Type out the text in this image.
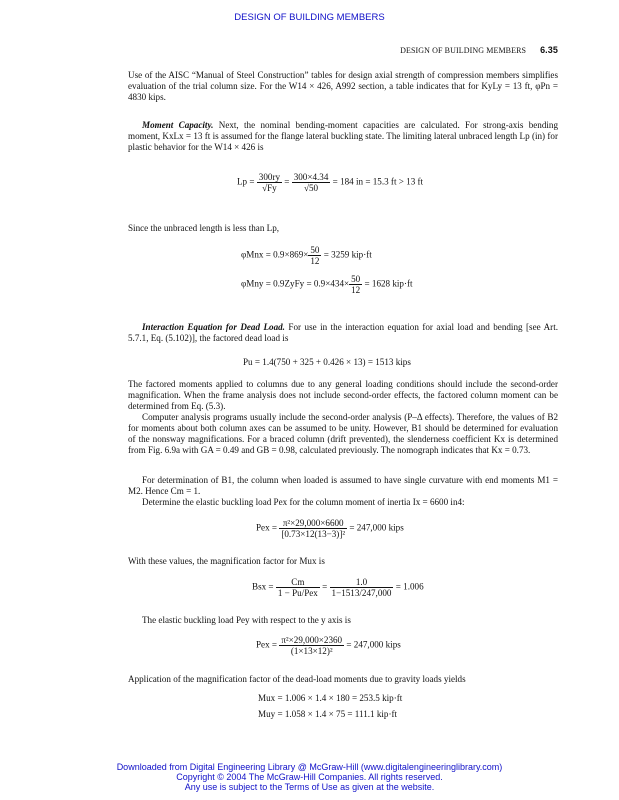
DESIGN OF BUILDING MEMBERS
DESIGN OF BUILDING MEMBERS 6.35

Use of the AISC “Manual of Steel Construction” tables for design axial strength of compression members simplifies evaluation of the trial column size. For the W14 × 426, A992 section, a table indicates that for KyLy = 13 ft, φPn = 4830 kips.

Moment Capacity. Next, the nominal bending-moment capacities are calculated. For strong-axis bending moment, KxLx = 13 ft is assumed for the flange lateral buckling state. The limiting lateral unbraced length Lp (in) for plastic behavior for the W14 × 426 is

$Lp = \frac{300ry}{√Fy} = \frac{300\times 4.34}{√50} = 184$ in = 15.3 ft > 13 ft

Since the unbraced length is less than Lp,

$\varphi Mnx = 0.9\times 869\times \frac{50}{12} = 3259$ kip·ft
φMny = 0.9ZyFy = $0.9\times 434\times \frac{50}{12} = 1628$ kip·ft

Interaction Equation for Dead Load. For use in the interaction equation for axial load and bending [see Art. 5.7.1, Eq. (5.102)], the factored dead load is

Pu = 1.4(750 + 325 + 0.426 × 13) = 1513 kips

The factored moments applied to columns due to any general loading conditions should include the second-order magnification. When the frame analysis does not include second-order effects, the factored column moment can be determined from Eq. (5.3).

Computer analysis programs usually include the second-order analysis (P–Δ effects). Therefore, the values of B2 for moments about both column axes can be assumed to be unity. However, B1 should be determined for evaluation of the nonsway magnifications. For a braced column (drift prevented), the slenderness coefficient Kx is determined from Fig. 6.9a with GA = 0.49 and GB = 0.98, calculated previously. The nomograph indicates that Kx = 0.73.

For determination of B1, the column when loaded is assumed to have single curvature with end moments M1 = M2. Hence Cm = 1.

Determine the elastic buckling load Pex for the column moment of inertia Ix = 6600 in4:

Pex = $\frac{\text{π²×29,000×6600}}{\text{[0.73×12(13−3)]²}} = 247,000$ kips

With these values, the magnification factor for Mux is

Bsx = $\frac{Cm}{\text{1 − Pu/Pex}} = \frac{1.0}{1-1513/247,000} = 1.006$

The elastic buckling load Pey with respect to the y axis is

Pex = $\frac{\text{π²×29,000×2360}}{\text{(1×13×12)²}} = 247,000$ kips

Application of the magnification factor of the dead-load moments due to gravity loads yields

Mux = 1.006 × 1.4 × 180 = 253.5 kip·ft
Muy = 1.058 × 1.4 × 75 = 111.1 kip·ft
Downloaded from Digital Engineering Library @ McGraw-Hill (www.digitalengineeringlibrary.com)
Copyright © 2004 The McGraw-Hill Companies. All rights reserved.
Any use is subject to the Terms of Use as given at the website.
